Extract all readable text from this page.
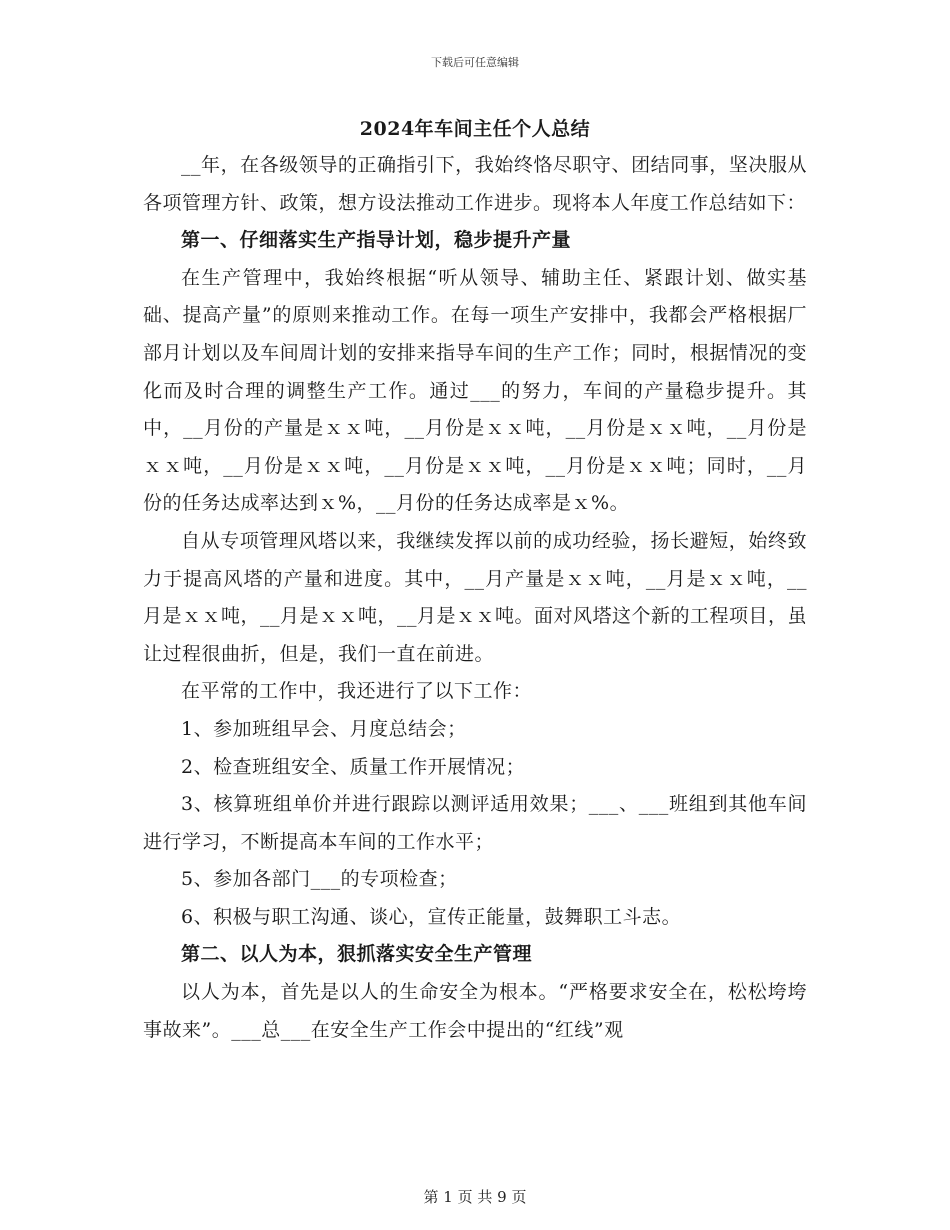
下载后可任意编辑
2024年车间主任个人总结

__年，在各级领导的正确指引下，我始终恪尽职守、团结同事，坚决服从各项管理方针、政策，想方设法推动工作进步。现将本人年度工作总结如下：

第一、仔细落实生产指导计划，稳步提升产量

在生产管理中，我始终根据“听从领导、辅助主任、紧跟计划、做实基础、提高产量”的原则来推动工作。在每一项生产安排中，我都会严格根据厂部月计划以及车间周计划的安排来指导车间的生产工作；同时，根据情况的变化而及时合理的调整生产工作。通过___的努力，车间的产量稳步提升。其中，__月份的产量是ｘｘ吨，__月份是ｘｘ吨，__月份是ｘｘ吨，__月份是ｘｘ吨，__月份是ｘｘ吨，__月份是ｘｘ吨，__月份是ｘｘ吨；同时，__月份的任务达成率达到ｘ%，__月份的任务达成率是ｘ%。

自从专项管理风塔以来，我继续发挥以前的成功经验，扬长避短，始终致力于提高风塔的产量和进度。其中，__月产量是ｘｘ吨，__月是ｘｘ吨，__月是ｘｘ吨，__月是ｘｘ吨，__月是ｘｘ吨。面对风塔这个新的工程项目，虽让过程很曲折，但是，我们一直在前进。

在平常的工作中，我还进行了以下工作：

1、参加班组早会、月度总结会；

2、检查班组安全、质量工作开展情况；

3、核算班组单价并进行跟踪以测评适用效果；___、___班组到其他车间进行学习，不断提高本车间的工作水平；

5、参加各部门___的专项检查；

6、积极与职工沟通、谈心，宣传正能量，鼓舞职工斗志。

第二、以人为本，狠抓落实安全生产管理

以人为本，首先是以人的生命安全为根本。“严格要求安全在，松松垮垮事故来”。___总___在安全生产工作会中提出的“红线”观

第 1 页 共 9 页
